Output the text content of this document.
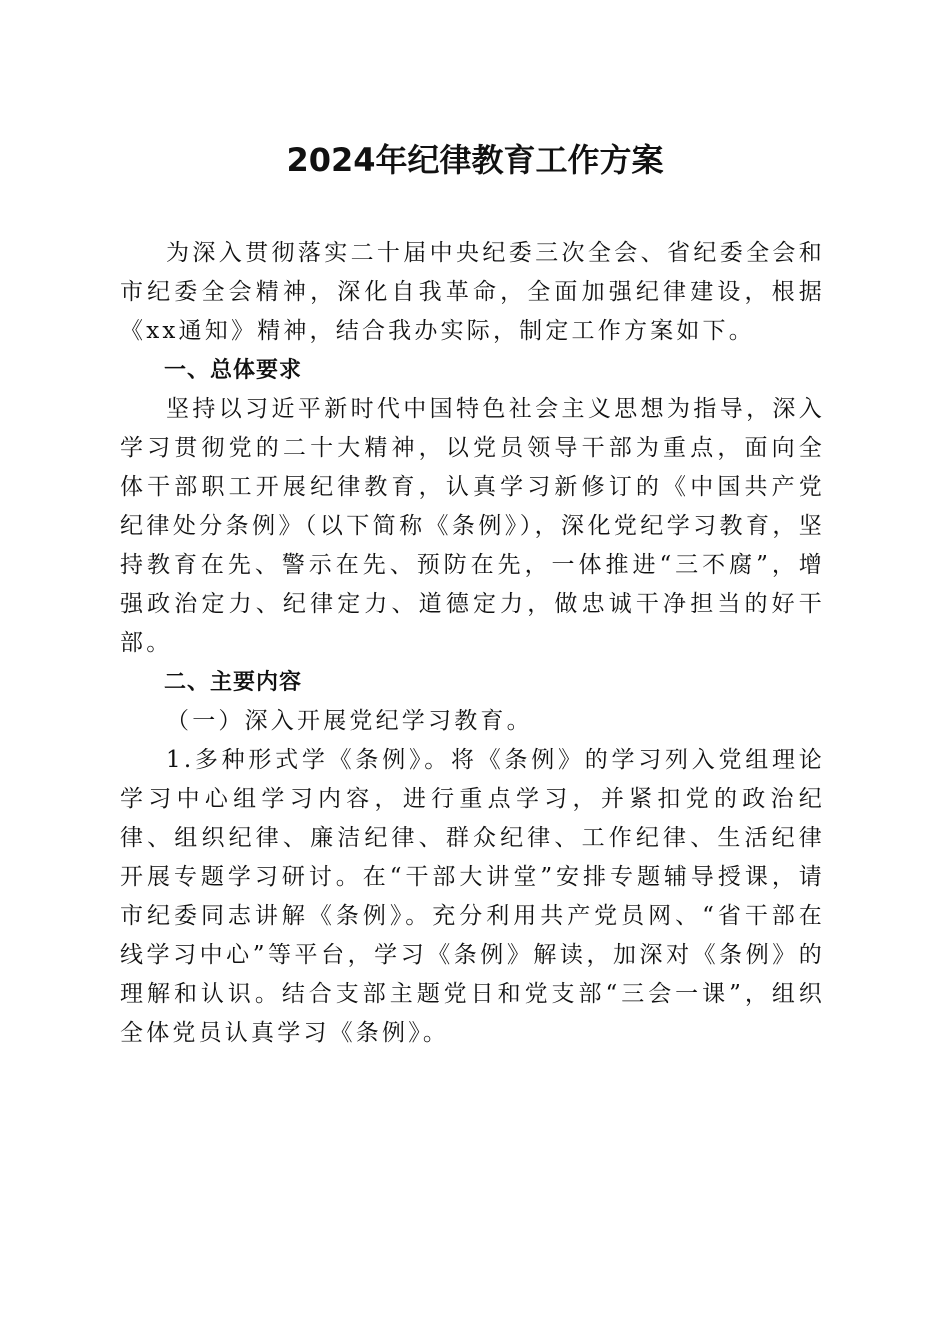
2024年纪律教育工作方案

为深入贯彻落实二十届中央纪委三次全会、省纪委全会和市纪委全会精神，深化自我革命，全面加强纪律建设，根据《xx通知》精神，结合我办实际，制定工作方案如下。

一、总体要求

坚持以习近平新时代中国特色社会主义思想为指导，深入学习贯彻党的二十大精神，以党员领导干部为重点，面向全体干部职工开展纪律教育，认真学习新修订的《中国共产党纪律处分条例》（以下简称《条例》），深化党纪学习教育，坚持教育在先、警示在先、预防在先，一体推进“三不腐”，增强政治定力、纪律定力、道德定力，做忠诚干净担当的好干部。

二、主要内容

（一）深入开展党纪学习教育。

1.多种形式学《条例》。将《条例》的学习列入党组理论学习中心组学习内容，进行重点学习，并紧扣党的政治纪律、组织纪律、廉洁纪律、群众纪律、工作纪律、生活纪律开展专题学习研讨。在“干部大讲堂”安排专题辅导授课，请市纪委同志讲解《条例》。充分利用共产党员网、“省干部在线学习中心”等平台，学习《条例》解读，加深对《条例》的理解和认识。结合支部主题党日和党支部“三会一课”，组织全体党员认真学习《条例》。
